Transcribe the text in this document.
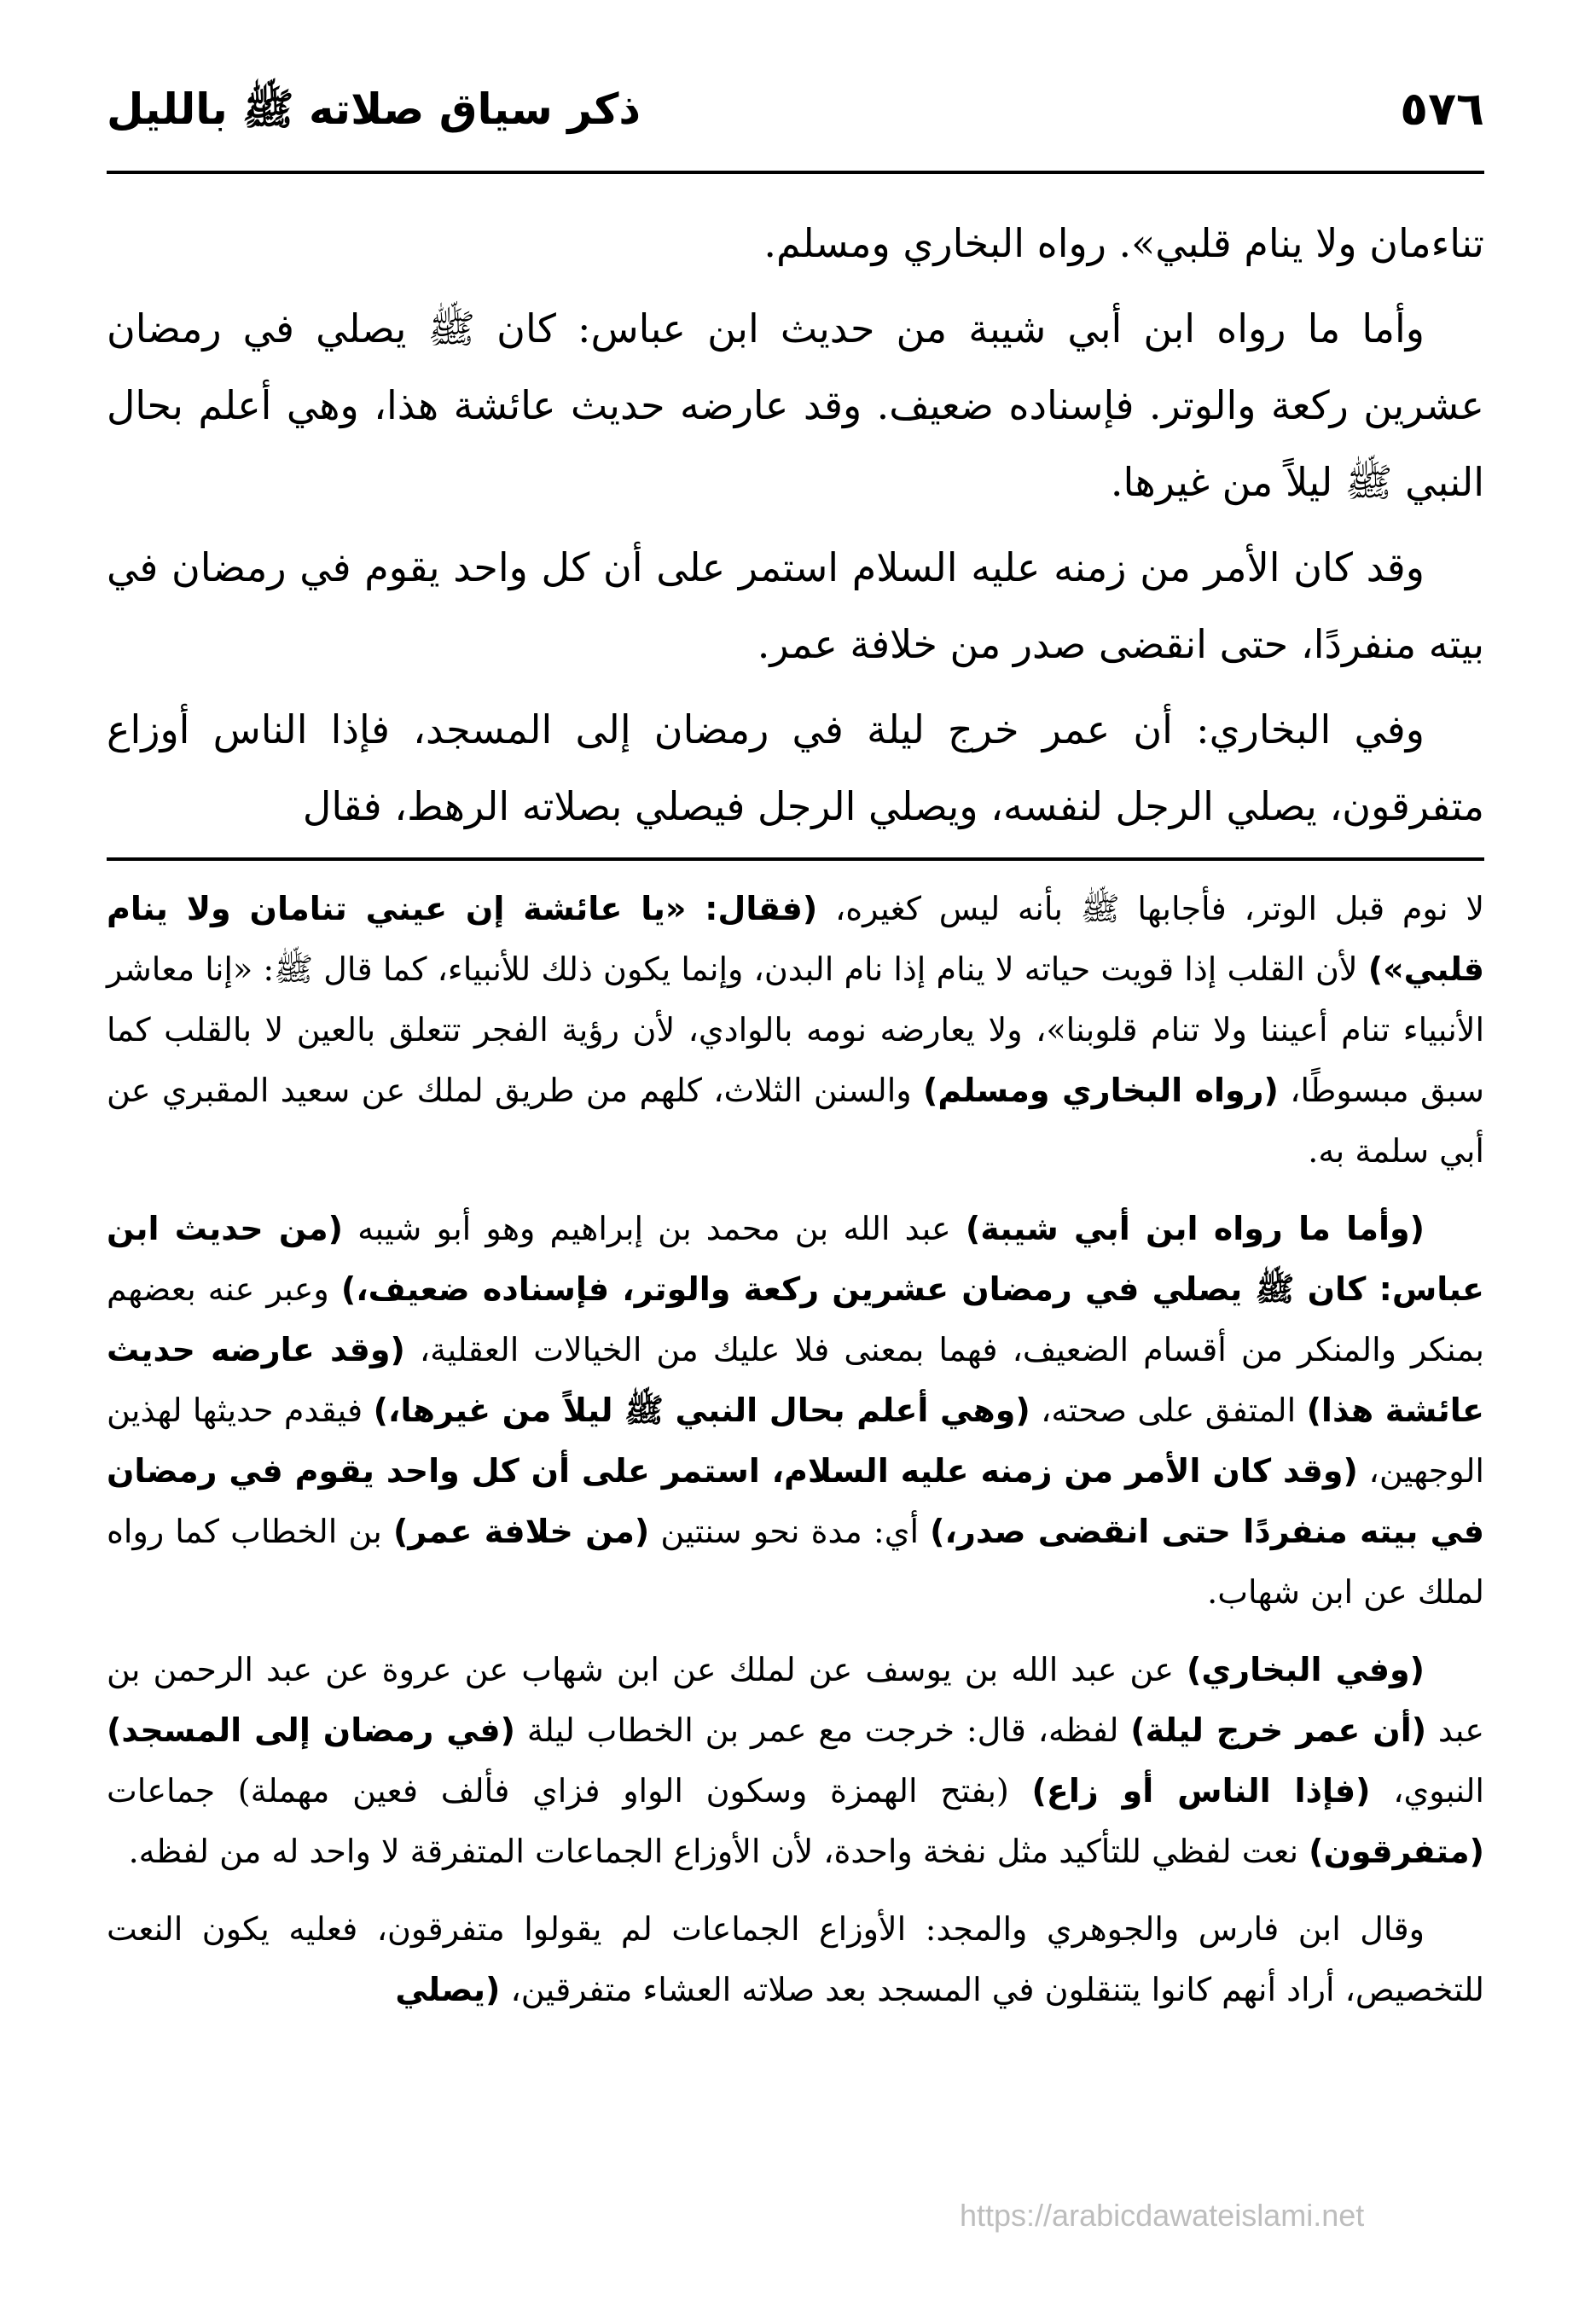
٥٧٦
ذكر سياق صلاته ﷺ بالليل

تناءمان ولا ينام قلبي». رواه البخاري ومسلم.

وأما ما رواه ابن أبي شيبة من حديث ابن عباس: كان ﷺ يصلي في رمضان عشرين ركعة والوتر. فإسناده ضعيف. وقد عارضه حديث عائشة هذا، وهي أعلم بحال النبي ﷺ ليلاً من غيرها.

وقد كان الأمر من زمنه عليه السلام استمر على أن كل واحد يقوم في رمضان في بيته منفردًا، حتى انقضى صدر من خلافة عمر.

وفي البخاري: أن عمر خرج ليلة في رمضان إلى المسجد، فإذا الناس أوزاع متفرقون، يصلي الرجل لنفسه، ويصلي الرجل فيصلي بصلاته الرهط، فقال

لا نوم قبل الوتر، فأجابها ﷺ بأنه ليس كغيره، (فقال: «يا عائشة إن عيني تنامان ولا ينام قلبي») لأن القلب إذا قويت حياته لا ينام إذا نام البدن، وإنما يكون ذلك للأنبياء، كما قال ﷺ: «إنا معاشر الأنبياء تنام أعيننا ولا تنام قلوبنا»، ولا يعارضه نومه بالوادي، لأن رؤية الفجر تتعلق بالعين لا بالقلب كما سبق مبسوطًا، (رواه البخاري ومسلم) والسنن الثلاث، كلهم من طريق لملك عن سعيد المقبري عن أبي سلمة به.

(وأما ما رواه ابن أبي شيبة) عبد الله بن محمد بن إبراهيم وهو أبو شيبه (من حديث ابن عباس: كان ﷺ يصلي في رمضان عشرين ركعة والوتر، فإسناده ضعيف،) وعبر عنه بعضهم بمنكر والمنكر من أقسام الضعيف، فهما بمعنى فلا عليك من الخيالات العقلية، (وقد عارضه حديث عائشة هذا) المتفق على صحته، (وهي أعلم بحال النبي ﷺ ليلاً من غيرها،) فيقدم حديثها لهذين الوجهين، (وقد كان الأمر من زمنه عليه السلام، استمر على أن كل واحد يقوم في رمضان في بيته منفردًا حتى انقضى صدر،) أي: مدة نحو سنتين (من خلافة عمر) بن الخطاب كما رواه لملك عن ابن شهاب.

(وفي البخاري) عن عبد الله بن يوسف عن لملك عن ابن شهاب عن عروة عن عبد الرحمن بن عبد (أن عمر خرج ليلة) لفظه، قال: خرجت مع عمر بن الخطاب ليلة (في رمضان إلى المسجد) النبوي، (فإذا الناس أو زاع) (بفتح الهمزة وسكون الواو فزاي فألف فعين مهملة) جماعات (متفرقون) نعت لفظي للتأكيد مثل نفخة واحدة، لأن الأوزاع الجماعات المتفرقة لا واحد له من لفظه.

وقال ابن فارس والجوهري والمجد: الأوزاع الجماعات لم يقولوا متفرقون، فعليه يكون النعت للتخصيص، أراد أنهم كانوا يتنقلون في المسجد بعد صلاته العشاء متفرقين، (يصلي

https://arabicdawateislami.net
